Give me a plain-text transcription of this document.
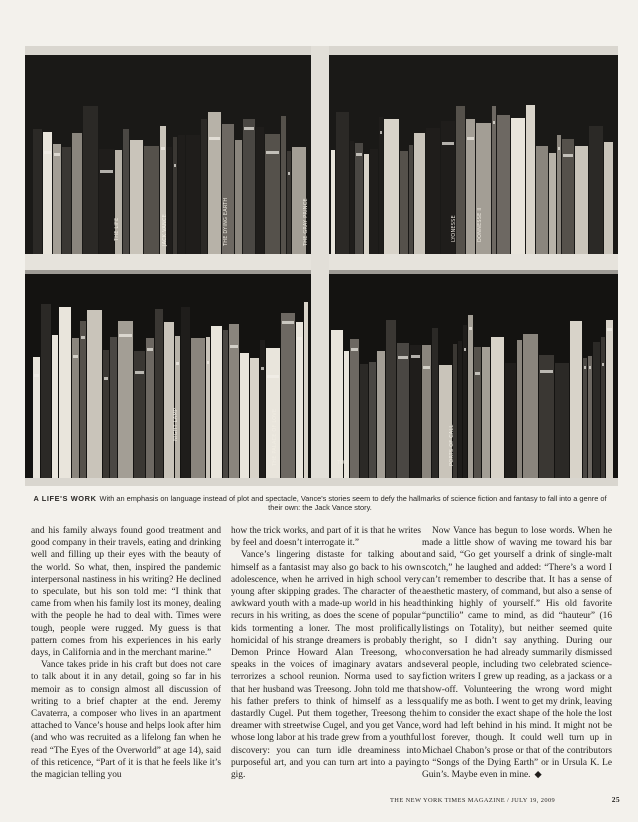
THE LIFE	JACK VANCE	THE DYING EARTH	THE GRAY PRINCE	DONNESSE II
LYONESSE
NIGHT LAMP	THE PALACE OF LOVE	PORTS OF CALL
TOR
A LIFE'S WORK With an emphasis on language instead of plot and spectacle, Vance's stories seem to defy the hallmarks of science fiction and fantasy to fall into a genre of their own: the Jack Vance story.

and his family always found good treatment and good company in their travels, eating and drinking well and filling up their eyes with the beauty of the world. So what, then, inspired the pandemic interpersonal nastiness in his writing? He declined to speculate, but his son told me: “I think that came from when his family lost its money, dealing with the people he had to deal with. Times were tough, people were rugged. My guess is that pattern comes from his experiences in his early days, in California and in the merchant marine.”

Vance takes pride in his craft but does not care to talk about it in any detail, going so far in his memoir as to consign almost all discussion of writing to a brief chapter at the end. Jeremy Cavaterra, a composer who lives in an apartment attached to Vance’s house and helps look after him (and who was recruited as a lifelong fan when he read “The Eyes of the Overworld” at age 14), said of this reticence, “Part of it is that he feels like it’s the magician telling you

how the trick works, and part of it is that he writes by feel and doesn’t interrogate it.”

Vance’s lingering distaste for talking about himself as a fantasist may also go back to his own adolescence, when he arrived in high school very young after skipping grades. The character of the awkward youth with a made-up world in his head recurs in his writing, as does the scene of popular kids tormenting a loner. The most prolifically homicidal of his strange dreamers is probably the Demon Prince Howard Alan Treesong, who speaks in the voices of imaginary avatars and terrorizes a school reunion. Norma used to say that her husband was Treesong. John told me that his father prefers to think of himself as a less dastardly Cugel. Put them together, Treesong the dreamer with streetwise Cugel, and you get Vance, whose long labor at his trade grew from a youthful discovery: you can turn idle dreaminess into purposeful art, and you can turn art into a paying gig.

Now Vance has begun to lose words. When he made a little show of waving me toward his bar and said, “Go get yourself a drink of single-malt scotch,” he laughed and added: “There’s a word I can’t remember to describe that. It has a sense of aesthetic mastery, of command, but also a sense of thinking highly of yourself.” His old favorite “punctilio” came to mind, as did “hauteur” (16 listings on Totality), but neither seemed quite right, so I didn’t say anything. During our conversation he had already summarily dismissed several people, including two celebrated science-fiction writers I grew up reading, as a jackass or a show-off. Volunteering the wrong word might qualify me as both. I went to get my drink, leaving him to consider the exact shape of the hole the lost word had left behind in his mind. It might not be lost forever, though. It could well turn up in Michael Chabon’s prose or that of the contributors to “Songs of the Dying Earth” or in Ursula K. Le Guin’s. Maybe even in mine. ◆

THE NEW YORK TIMES MAGAZINE / JULY 19, 2009	25
